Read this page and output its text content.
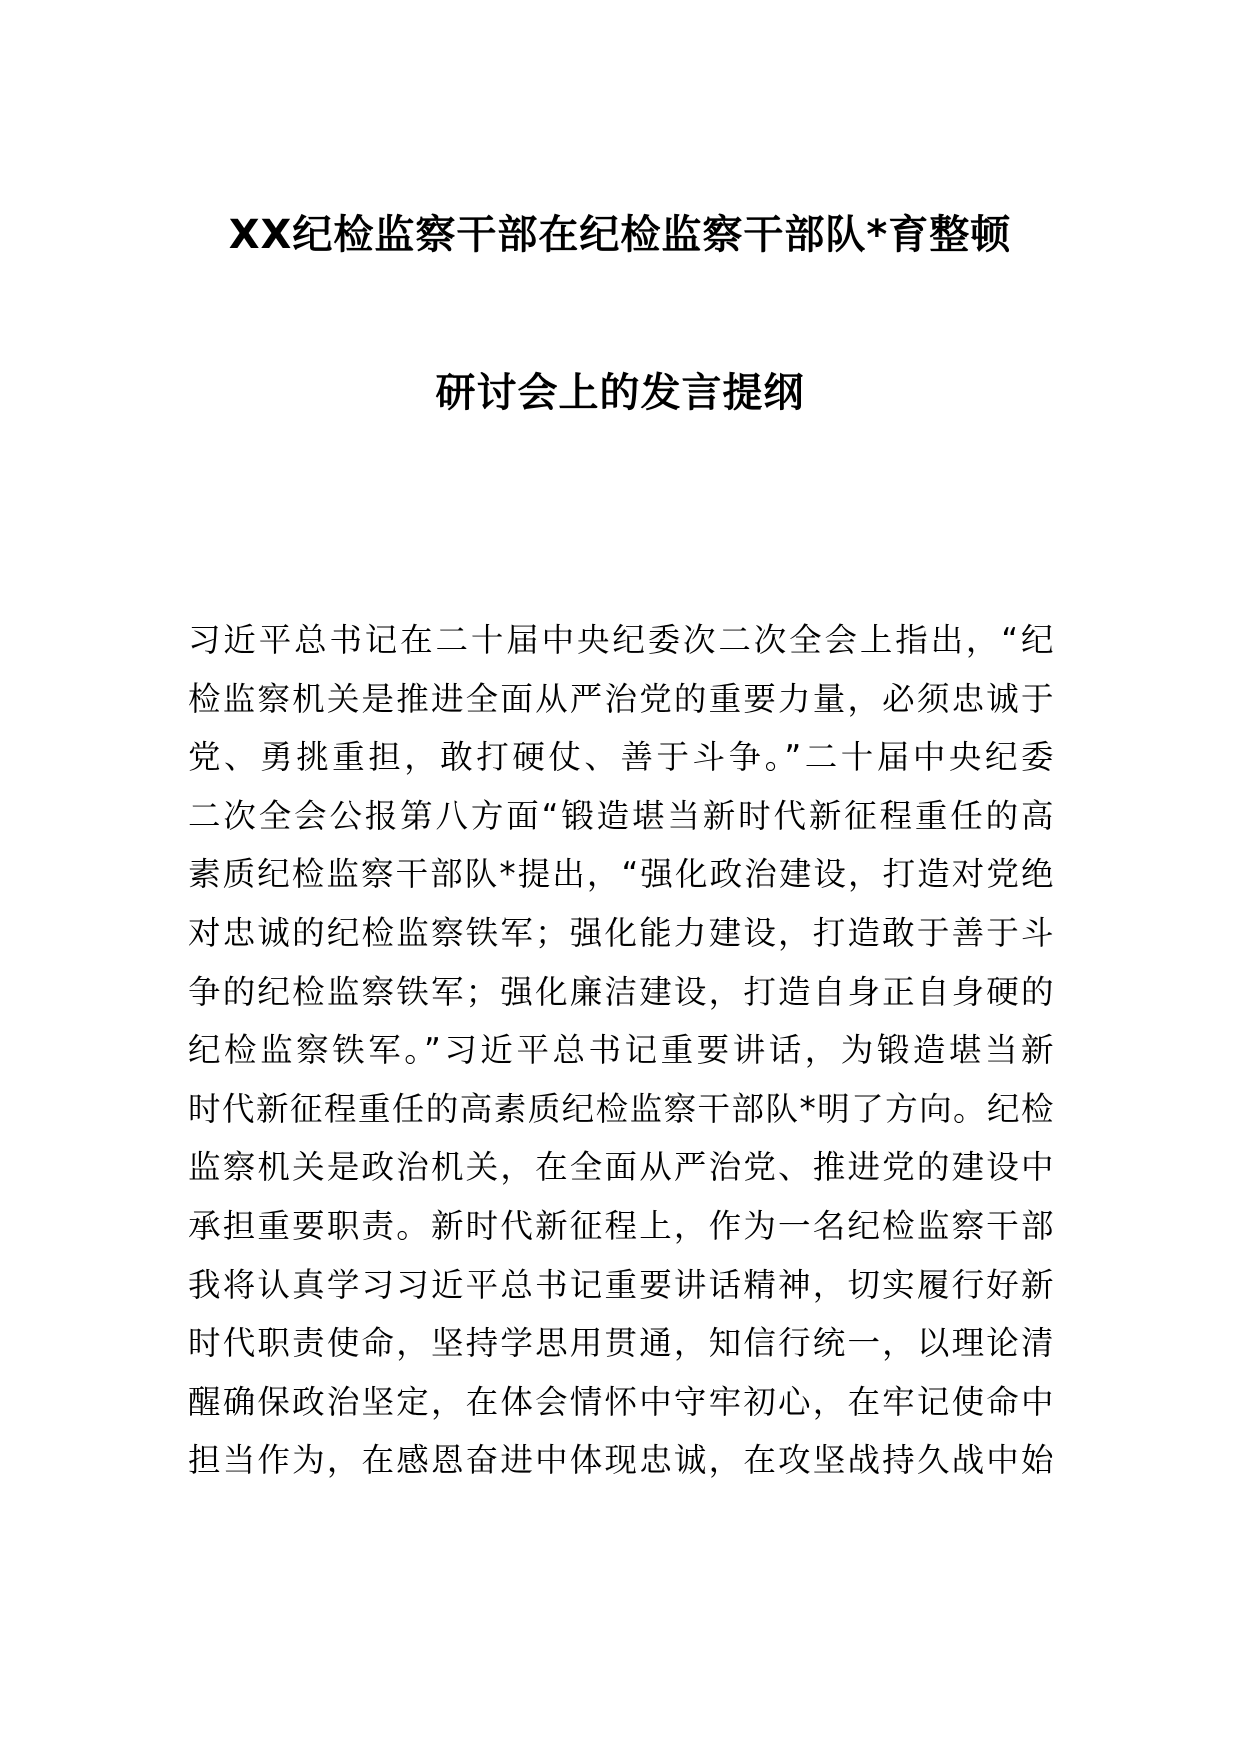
XX纪检监察干部在纪检监察干部队*育整顿
研讨会上的发言提纲
习近平总书记在二十届中央纪委次二次全会上指出，“纪
检监察机关是推进全面从严治党的重要力量，必须忠诚于
党、勇挑重担，敢打硬仗、善于斗争。”二十届中央纪委
二次全会公报第八方面“锻造堪当新时代新征程重任的高
素质纪检监察干部队*提出，“强化政治建设，打造对党绝
对忠诚的纪检监察铁军；强化能力建设，打造敢于善于斗
争的纪检监察铁军；强化廉洁建设，打造自身正自身硬的
纪检监察铁军。”习近平总书记重要讲话，为锻造堪当新
时代新征程重任的高素质纪检监察干部队*明了方向。纪检
监察机关是政治机关，在全面从严治党、推进党的建设中
承担重要职责。新时代新征程上，作为一名纪检监察干部
我将认真学习习近平总书记重要讲话精神，切实履行好新
时代职责使命，坚持学思用贯通，知信行统一，以理论清
醒确保政治坚定，在体会情怀中守牢初心，在牢记使命中
担当作为，在感恩奋进中体现忠诚，在攻坚战持久战中始
